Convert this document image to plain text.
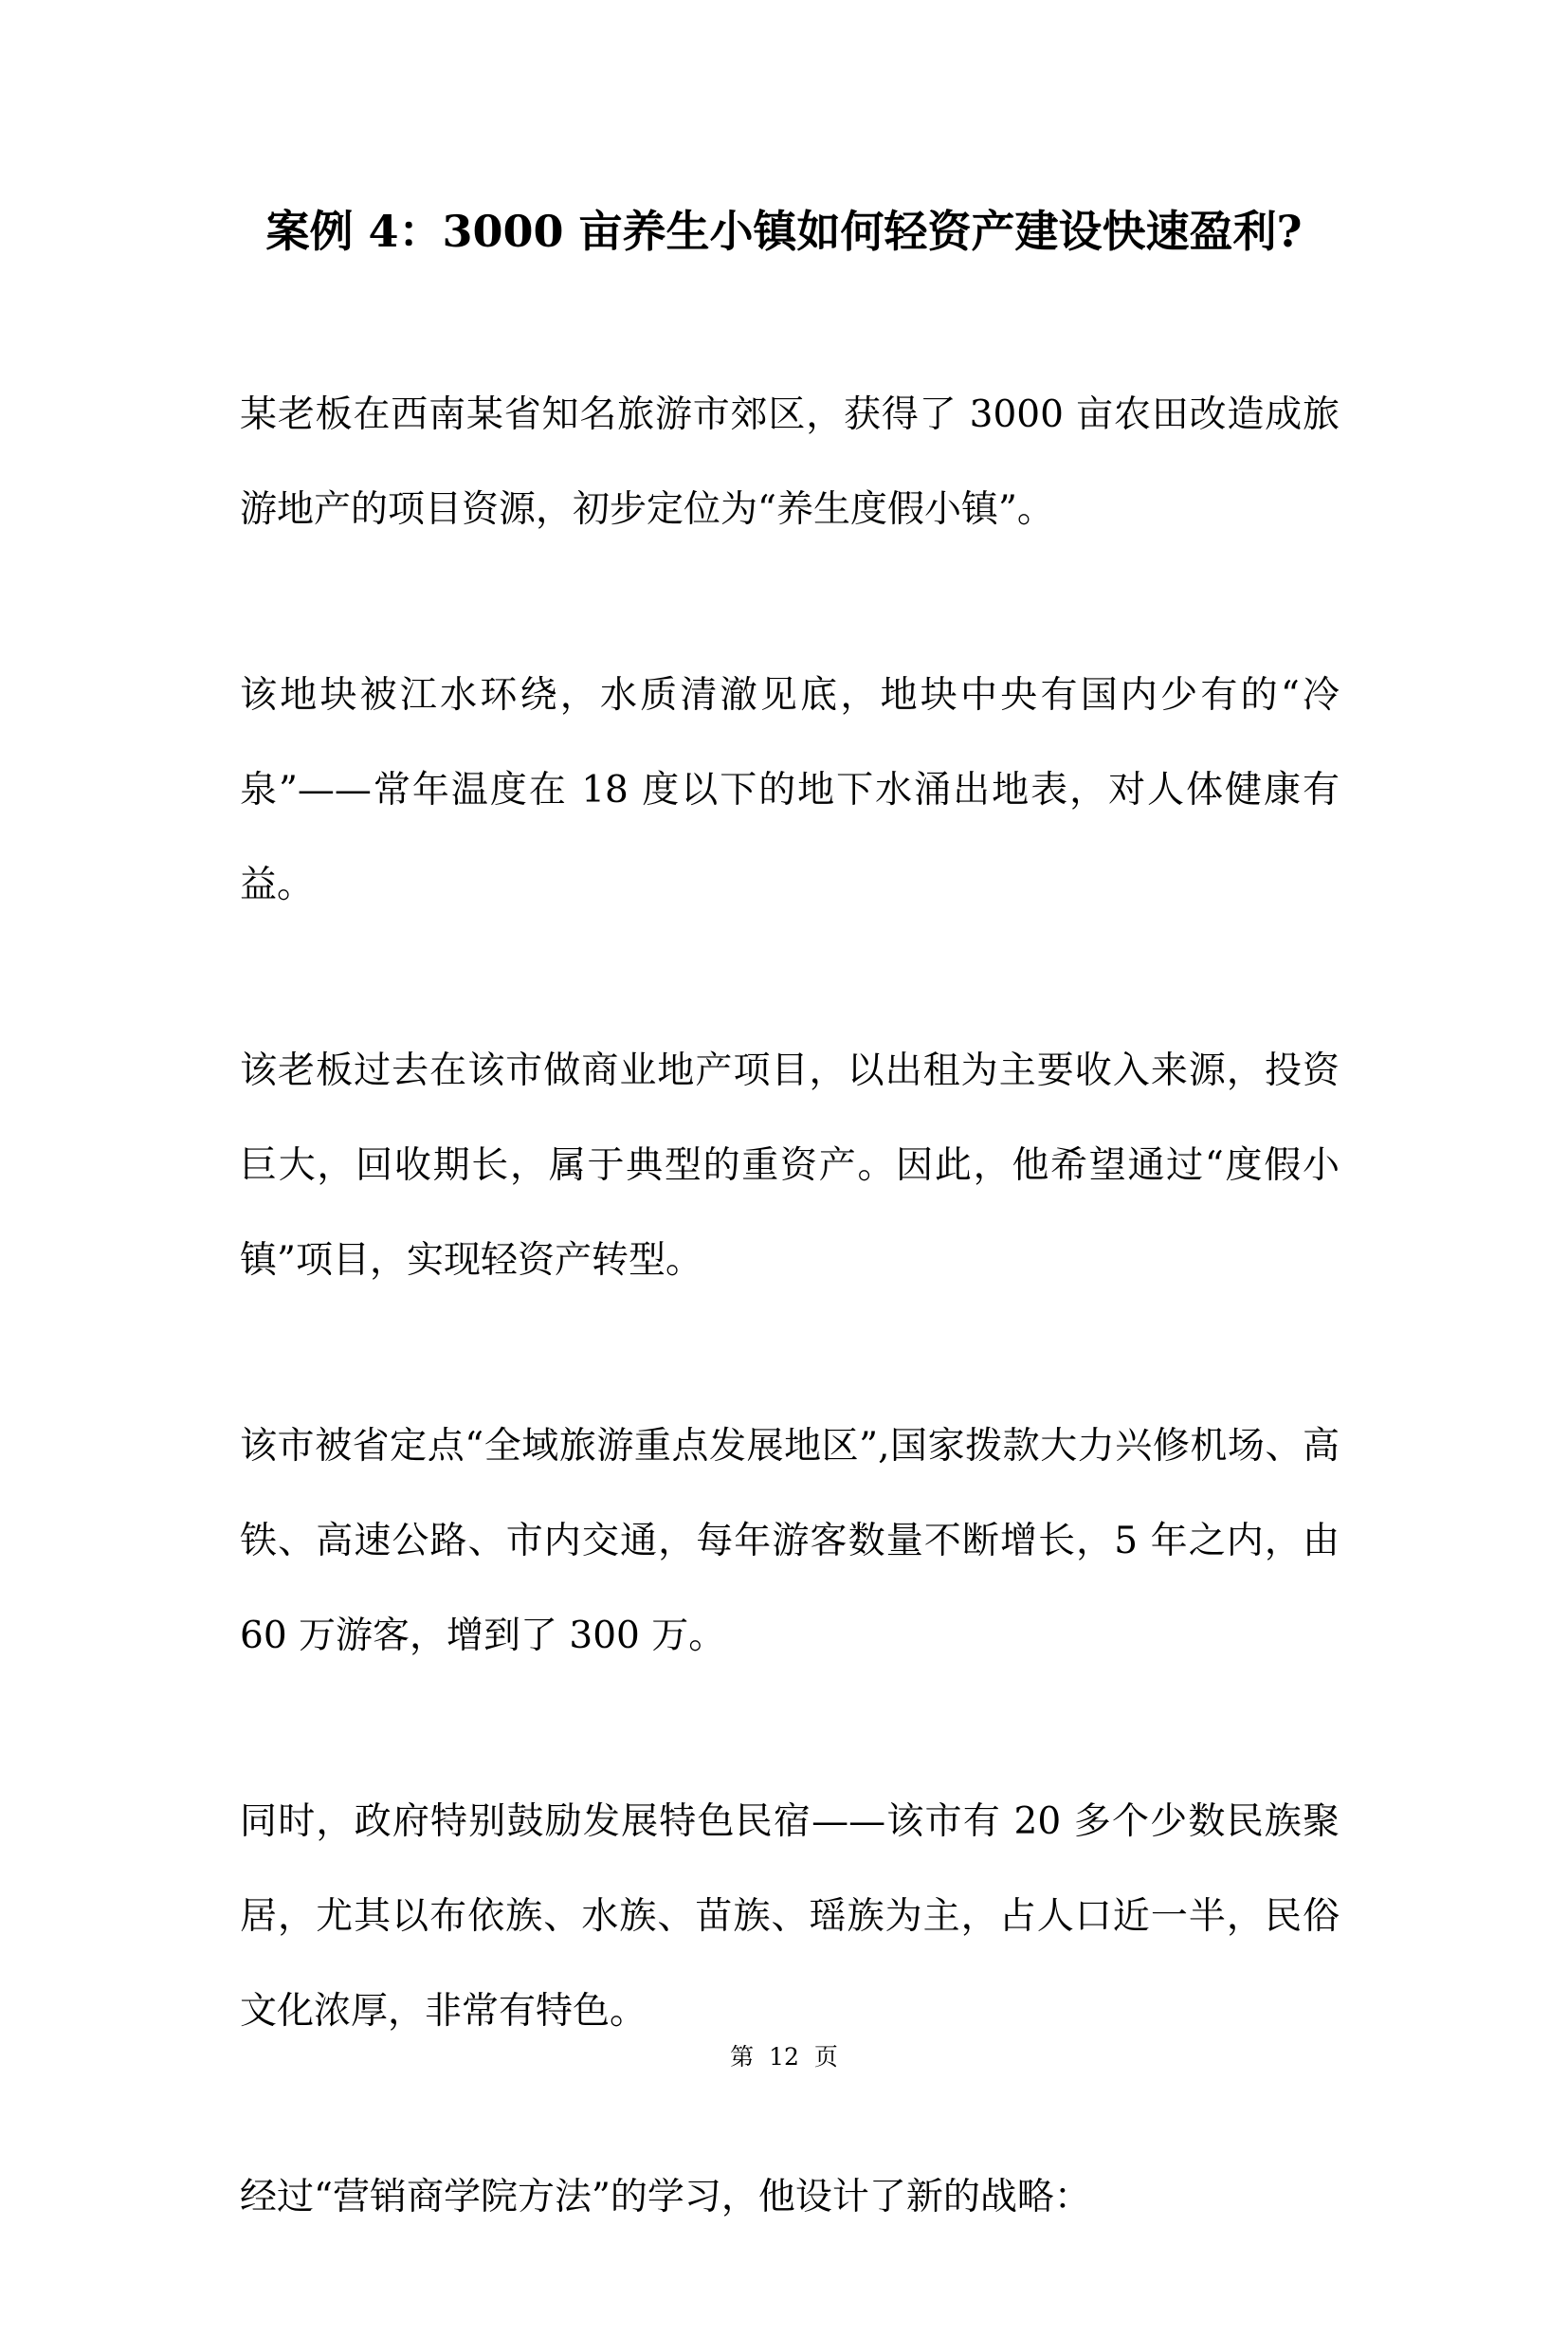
案例 4：3000 亩养生小镇如何轻资产建设快速盈利?

某老板在西南某省知名旅游市郊区，获得了 3000 亩农田改造成旅游地产的项目资源，初步定位为“养生度假小镇”。

该地块被江水环绕，水质清澈见底，地块中央有国内少有的“冷泉”——常年温度在 18 度以下的地下水涌出地表，对人体健康有益。

该老板过去在该市做商业地产项目，以出租为主要收入来源，投资巨大，回收期长，属于典型的重资产。因此，他希望通过“度假小镇”项目，实现轻资产转型。

该市被省定点“全域旅游重点发展地区”,国家拨款大力兴修机场、高铁、高速公路、市内交通，每年游客数量不断增长，5 年之内，由 60 万游客，增到了 300 万。

同时，政府特别鼓励发展特色民宿——该市有 20 多个少数民族聚居，尤其以布依族、水族、苗族、瑶族为主，占人口近一半，民俗文化浓厚，非常有特色。

经过“营销商学院方法”的学习，他设计了新的战略：

第 12 页
